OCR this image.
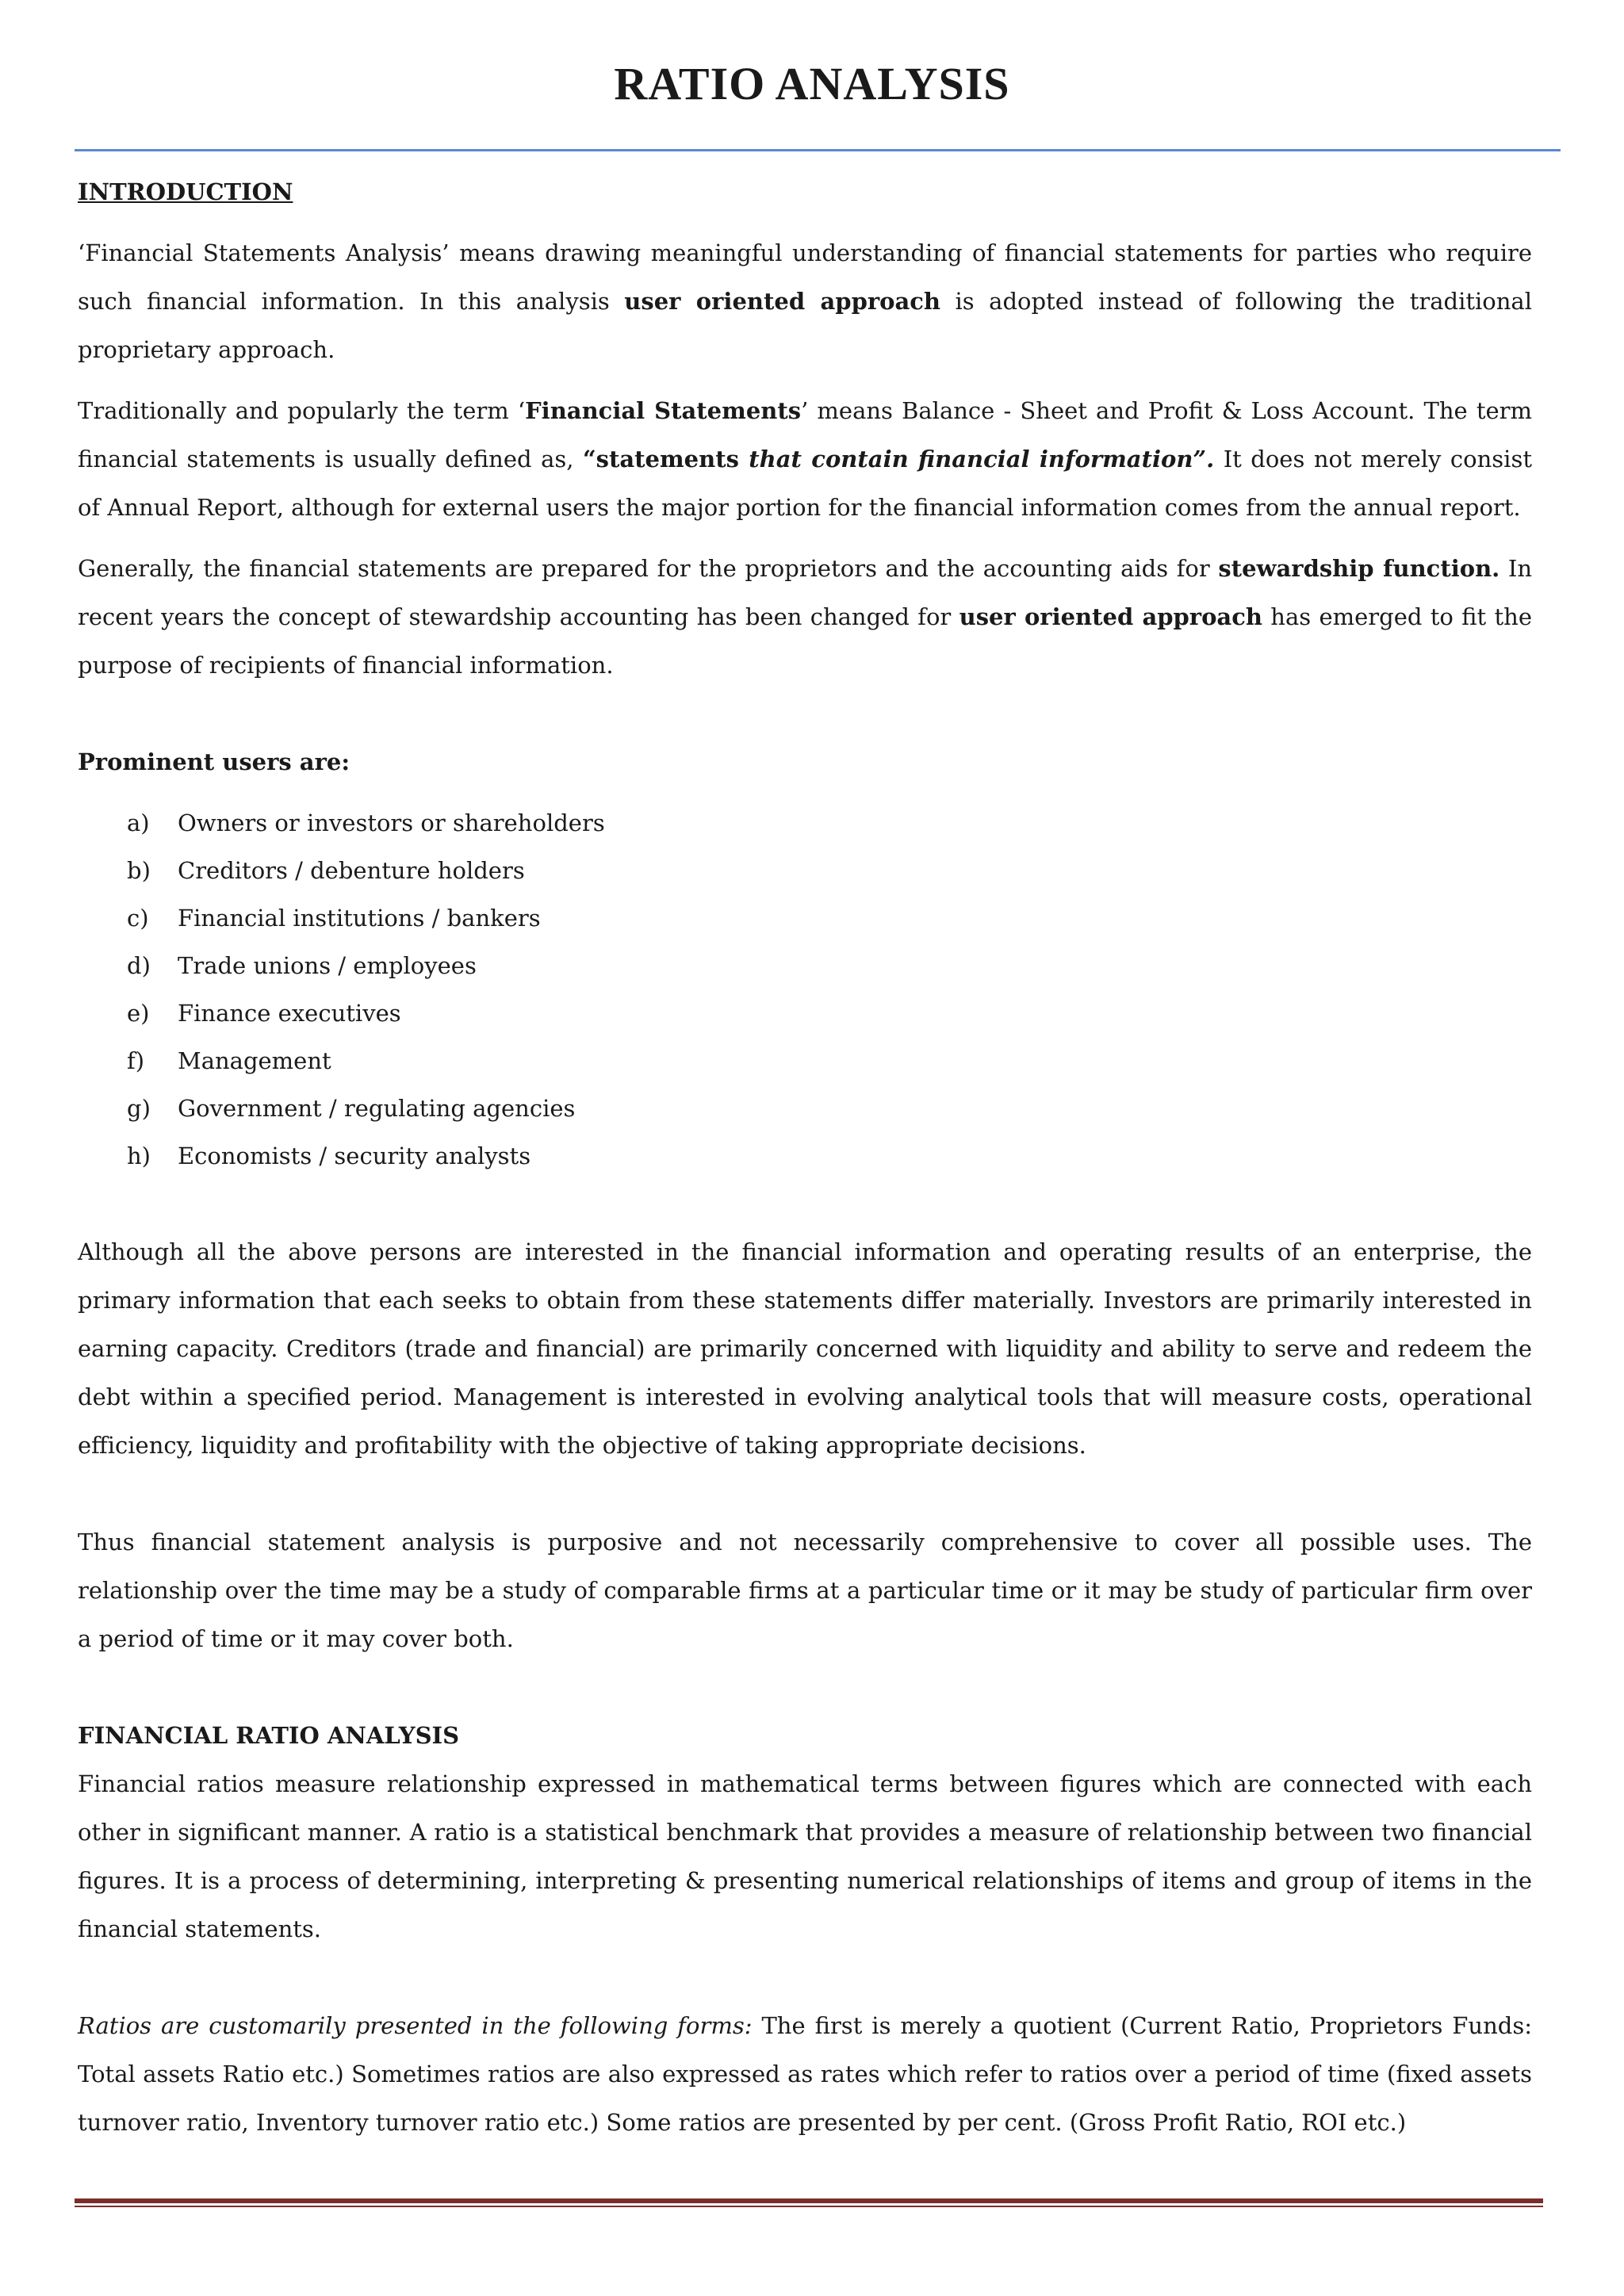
RATIO ANALYSIS
INTRODUCTION

‘Financial Statements Analysis’ means drawing meaningful understanding of financial statements for parties who require such financial information. In this analysis user oriented approach is adopted instead of following the traditional proprietary approach.

Traditionally and popularly the term ‘Financial Statements’ means Balance - Sheet and Profit & Loss Account. The term financial statements is usually defined as, “statements that contain financial information”. It does not merely consist of Annual Report, although for external users the major portion for the financial information comes from the annual report.

Generally, the financial statements are prepared for the proprietors and the accounting aids for stewardship function. In recent years the concept of stewardship accounting has been changed for user oriented approach has emerged to fit the purpose of recipients of financial information.

Prominent users are:
a)	Owners or investors or shareholders
b)	Creditors / debenture holders
c)	Financial institutions / bankers
d)	Trade unions / employees
e)	Finance executives
f)	Management
g)	Government / regulating agencies
h)	Economists / security analysts

Although all the above persons are interested in the financial information and operating results of an enterprise, the primary information that each seeks to obtain from these statements differ materially. Investors are primarily interested in earning capacity. Creditors (trade and financial) are primarily concerned with liquidity and ability to serve and redeem the debt within a specified period. Management is interested in evolving analytical tools that will measure costs, operational efficiency, liquidity and profitability with the objective of taking appropriate decisions.

Thus financial statement analysis is purposive and not necessarily comprehensive to cover all possible uses. The relationship over the time may be a study of comparable firms at a particular time or it may be study of particular firm over a period of time or it may cover both.

FINANCIAL RATIO ANALYSIS

Financial ratios measure relationship expressed in mathematical terms between figures which are connected with each other in significant manner. A ratio is a statistical benchmark that provides a measure of relationship between two financial figures. It is a process of determining, interpreting & presenting numerical relationships of items and group of items in the financial statements.

Ratios are customarily presented in the following forms: The first is merely a quotient (Current Ratio, Proprietors Funds: Total assets Ratio etc.) Sometimes ratios are also expressed as rates which refer to ratios over a period of time (fixed assets turnover ratio, Inventory turnover ratio etc.) Some ratios are presented by per cent. (Gross Profit Ratio, ROI etc.)
